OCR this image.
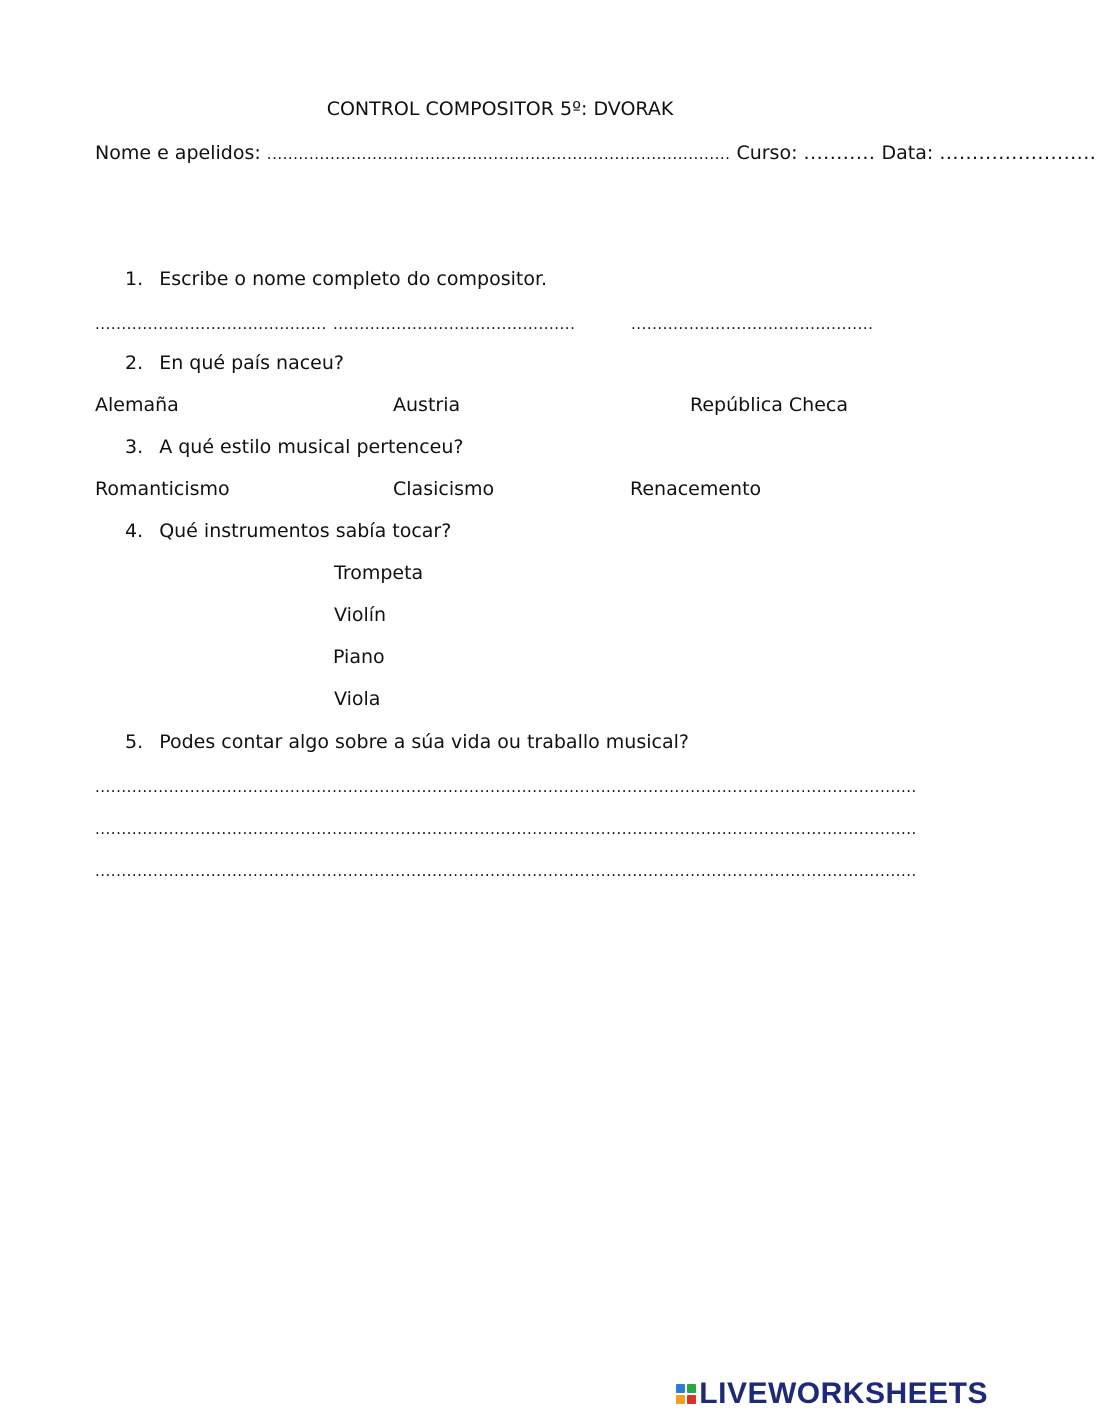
CONTROL COMPOSITOR 5º: DVORAK
Nome e apelidos: ........................................................................................ Curso: ........... Data: ........................
1. Escribe o nome completo do compositor.
............................................ ..............................................	..............................................
2. En qué país naceu?
Alemaña	Austria	República Checa
3. A qué estilo musical pertenceu?
Romanticismo	Clasicismo	Renacemento
4. Qué instrumentos sabía tocar?
Trompeta
Violín
Piano
Viola
5. Podes contar algo sobre a súa vida ou traballo musical?
............................................................................................................................................................
............................................................................................................................................................
............................................................................................................................................................
LIVEWORKSHEETS
